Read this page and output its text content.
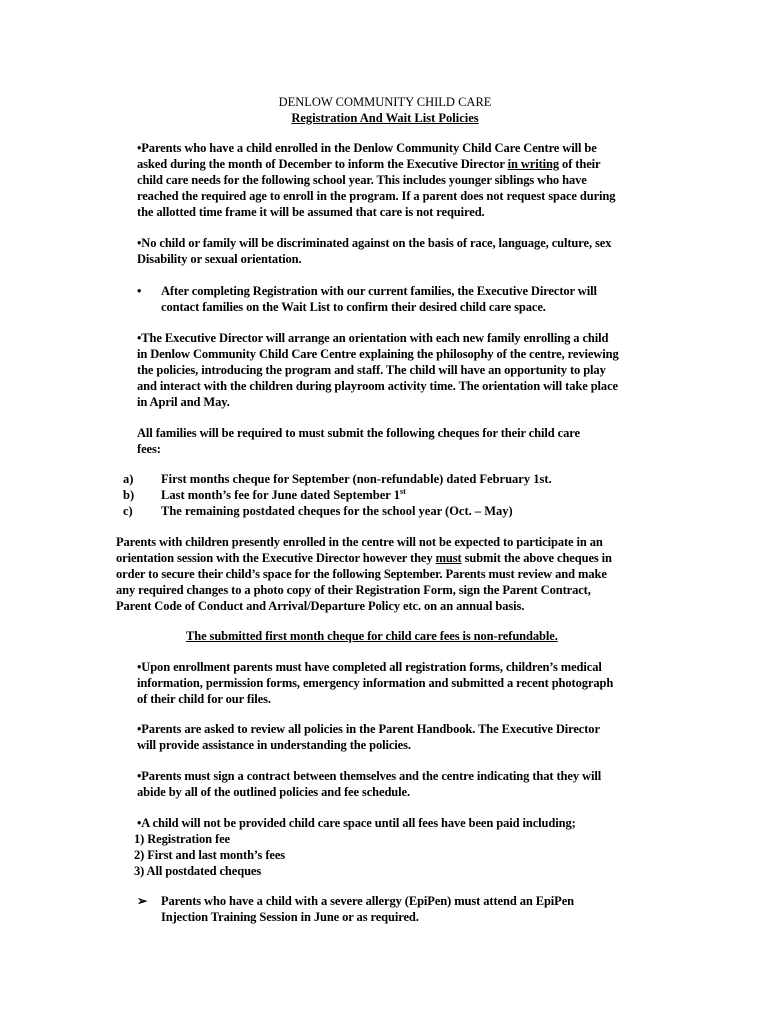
DENLOW COMMUNITY CHILD CARE
Registration And Wait List Policies
•Parents who have a child enrolled in the Denlow Community Child Care Centre will be
asked during the month of December to inform the Executive Director in writing of their
child care needs for the following school year. This includes younger siblings who have
reached the required age to enroll in the program. If a parent does not request space during
the allotted time frame it will be assumed that care is not required.
•No child or family will be discriminated against on the basis of race, language, culture, sex
Disability or sexual orientation.
• After completing Registration with our current families, the Executive Director will
contact families on the Wait List to confirm their desired child care space.
•The Executive Director will arrange an orientation with each new family enrolling a child
in Denlow Community Child Care Centre explaining the philosophy of the centre, reviewing
the policies, introducing the program and staff. The child will have an opportunity to play
and interact with the children during playroom activity time. The orientation will take place
in April and May.
All families will be required to must submit the following cheques for their child care
fees:
a) First months cheque for September (non-refundable) dated February 1st.
b) Last month’s fee for June dated September 1st
c) The remaining postdated cheques for the school year (Oct. – May)
Parents with children presently enrolled in the centre will not be expected to participate in an
orientation session with the Executive Director however they must submit the above cheques in
order to secure their child’s space for the following September. Parents must review and make
any required changes to a photo copy of their Registration Form, sign the Parent Contract,
Parent Code of Conduct and Arrival/Departure Policy etc. on an annual basis.
The submitted first month cheque for child care fees is non-refundable.
•Upon enrollment parents must have completed all registration forms, children’s medical
information, permission forms, emergency information and submitted a recent photograph
of their child for our files.
•Parents are asked to review all policies in the Parent Handbook. The Executive Director
will provide assistance in understanding the policies.
•Parents must sign a contract between themselves and the centre indicating that they will
abide by all of the outlined policies and fee schedule.
•A child will not be provided child care space until all fees have been paid including;
1) Registration fee
2) First and last month’s fees
3) All postdated cheques
➢ Parents who have a child with a severe allergy (EpiPen) must attend an EpiPen
Injection Training Session in June or as required.
